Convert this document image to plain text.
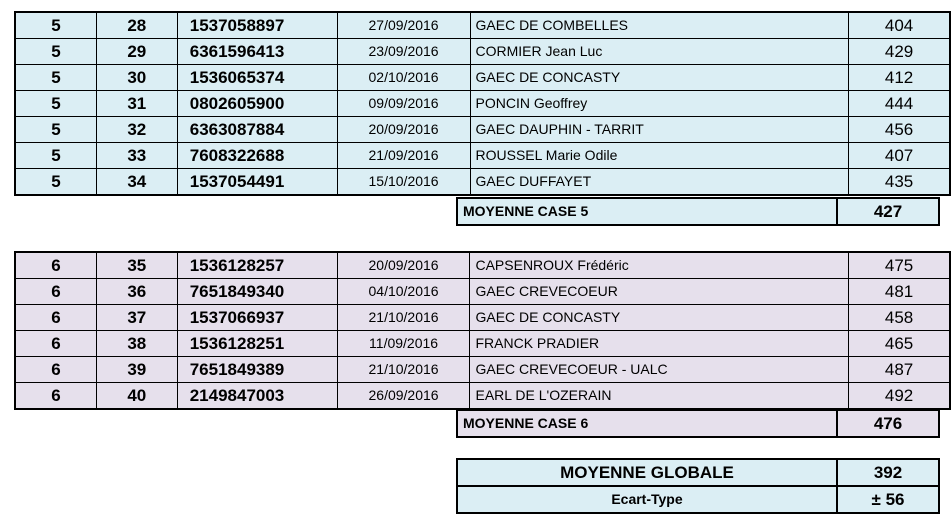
5	28	1537058897	27/09/2016	GAEC DE COMBELLES	404
5	29	6361596413	23/09/2016	CORMIER Jean Luc	429
5	30	1536065374	02/10/2016	GAEC DE CONCASTY	412
5	31	0802605900	09/09/2016	PONCIN Geoffrey	444
5	32	6363087884	20/09/2016	GAEC DAUPHIN - TARRIT	456
5	33	7608322688	21/09/2016	ROUSSEL Marie Odile	407
5	34	1537054491	15/10/2016	GAEC DUFFAYET	435
MOYENNE CASE 5	427
6	35	1536128257	20/09/2016	CAPSENROUX Frédéric	475
6	36	7651849340	04/10/2016	GAEC CREVECOEUR	481
6	37	1537066937	21/10/2016	GAEC DE CONCASTY	458
6	38	1536128251	11/09/2016	FRANCK PRADIER	465
6	39	7651849389	21/10/2016	GAEC CREVECOEUR - UALC	487
6	40	2149847003	26/09/2016	EARL DE L'OZERAIN	492
MOYENNE CASE 6	476
MOYENNE GLOBALE	392
Ecart-Type	± 56
